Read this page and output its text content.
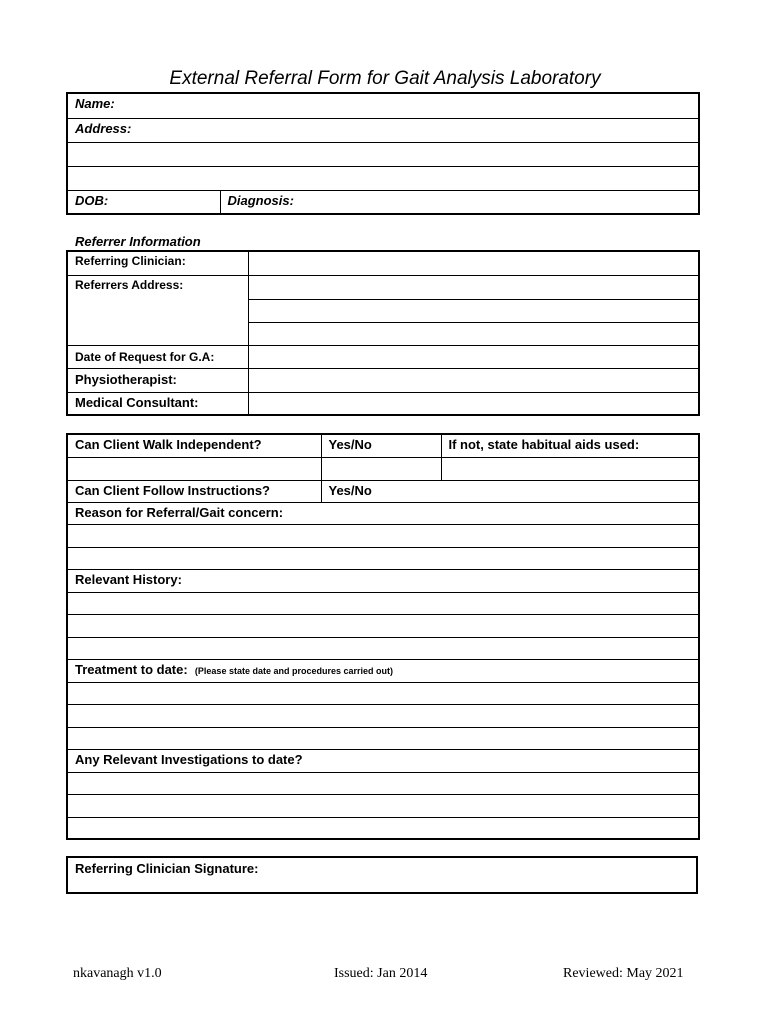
External Referral Form for Gait Analysis Laboratory
Name:

Address:

DOB:	Diagnosis:
Referrer Information
Referring Clinician:	

Referrers Address:	

Date of Request for G.A:	

Physiotherapist:	

Medical Consultant:	

Can Client Walk Independent?	Yes/No	If not, state habitual aids used:

Can Client Follow Instructions?	Yes/No	

Reason for Referral/Gait concern:		

Relevant History:		

Treatment to date: (Please state date and procedures carried out)		

Any Relevant Investigations to date?		

Referring Clinician Signature:
nkavanagh v1.0	Issued: Jan 2014	Reviewed: May 2021
